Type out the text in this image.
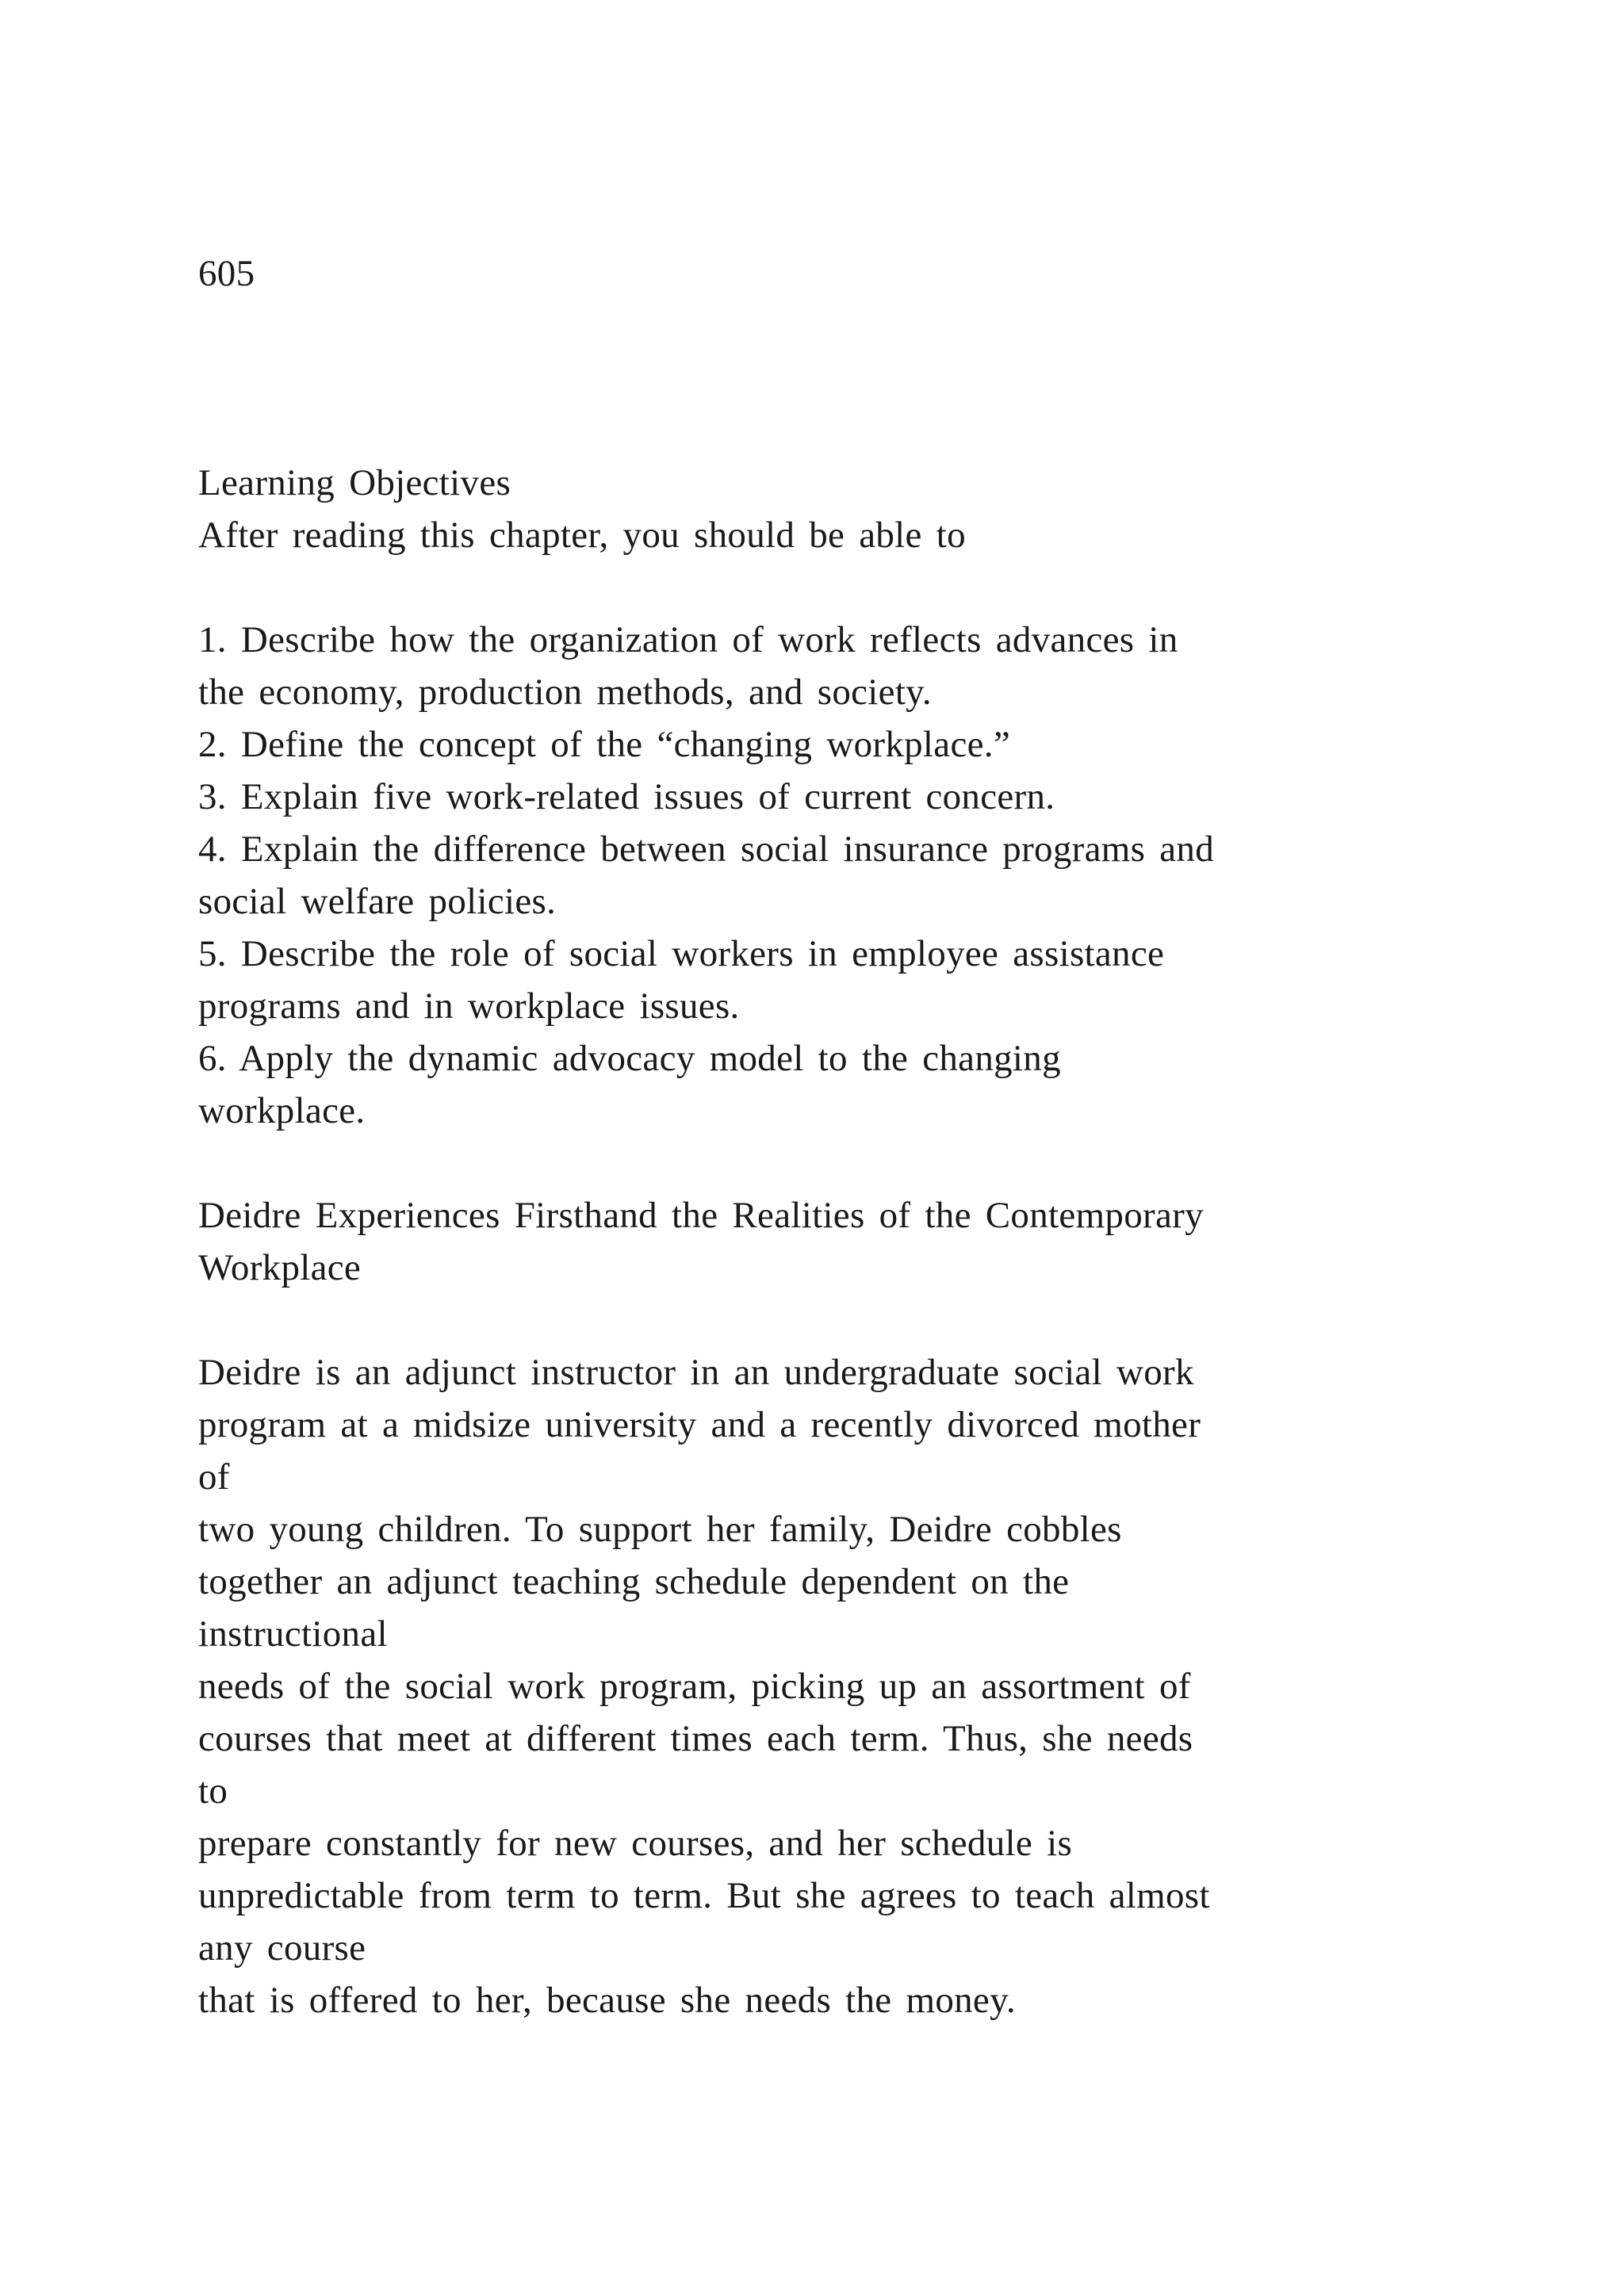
605
Learning Objectives
After reading this chapter, you should be able to
1. Describe how the organization of work reflects advances in
the economy, production methods, and society.
2. Define the concept of the “changing workplace.”
3. Explain five work-related issues of current concern.
4. Explain the difference between social insurance programs and
social welfare policies.
5. Describe the role of social workers in employee assistance
programs and in workplace issues.
6. Apply the dynamic advocacy model to the changing
workplace.
Deidre Experiences Firsthand the Realities of the Contemporary
Workplace
Deidre is an adjunct instructor in an undergraduate social work
program at a midsize university and a recently divorced mother
of
two young children. To support her family, Deidre cobbles
together an adjunct teaching schedule dependent on the
instructional
needs of the social work program, picking up an assortment of
courses that meet at different times each term. Thus, she needs
to
prepare constantly for new courses, and her schedule is
unpredictable from term to term. But she agrees to teach almost
any course
that is offered to her, because she needs the money.
